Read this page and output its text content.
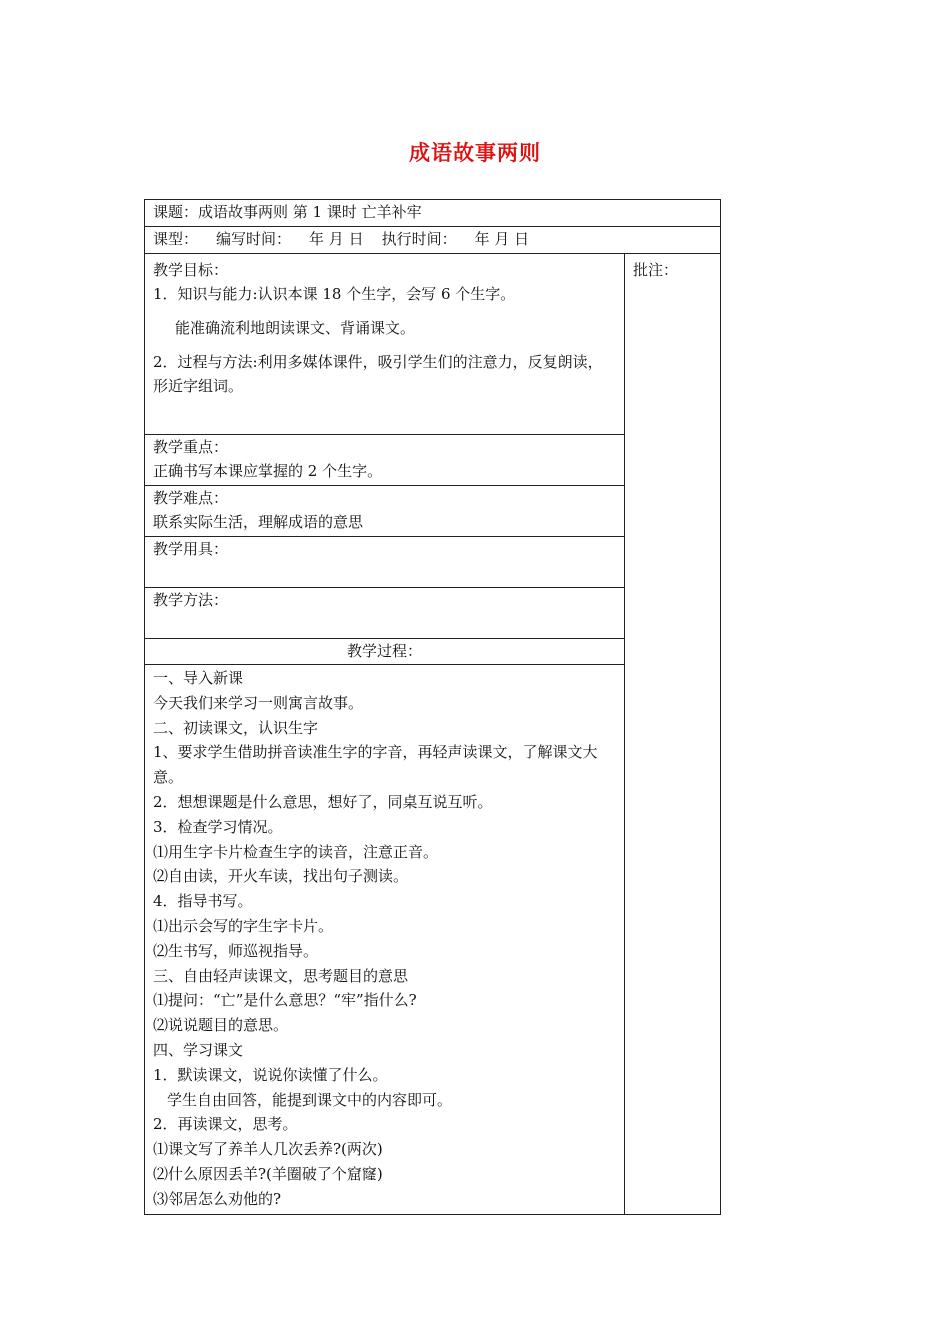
成语故事两则
课题：成语故事两则 第 1 课时 亡羊补牢
课型： 编写时间： 年 月 日 执行时间： 年 月 日

教学目标：

1．知识与能力:认识本课 18 个生字，会写 6 个生字。

能准确流利地朗读课文、背诵课文。

2．过程与方法:利用多媒体课件，吸引学生们的注意力，反复朗读，形近字组词。

批注：

教学重点：

正确书写本课应掌握的 2 个生字。

教学难点：

联系实际生活，理解成语的意思

教学用具：

教学方法：

教学过程：

一、导入新课

今天我们来学习一则寓言故事。

二、初读课文，认识生字

1、要求学生借助拼音读准生字的字音，再轻声读课文，了解课文大意。

2．想想课题是什么意思，想好了，同桌互说互听。

3．检查学习情况。

⑴用生字卡片检查生字的读音，注意正音。

⑵自由读，开火车读，找出句子测读。

4．指导书写。

⑴出示会写的字生字卡片。

⑵生书写，师巡视指导。

三、自由轻声读课文，思考题目的意思

⑴提问：“亡”是什么意思？“牢”指什么?

⑵说说题目的意思。

四、学习课文

1．默读课文，说说你读懂了什么。

学生自由回答，能提到课文中的内容即可。

2．再读课文，思考。

⑴课文写了养羊人几次丢养?(两次)

⑵什么原因丢羊?(羊圈破了个窟窿)

⑶邻居怎么劝他的?
